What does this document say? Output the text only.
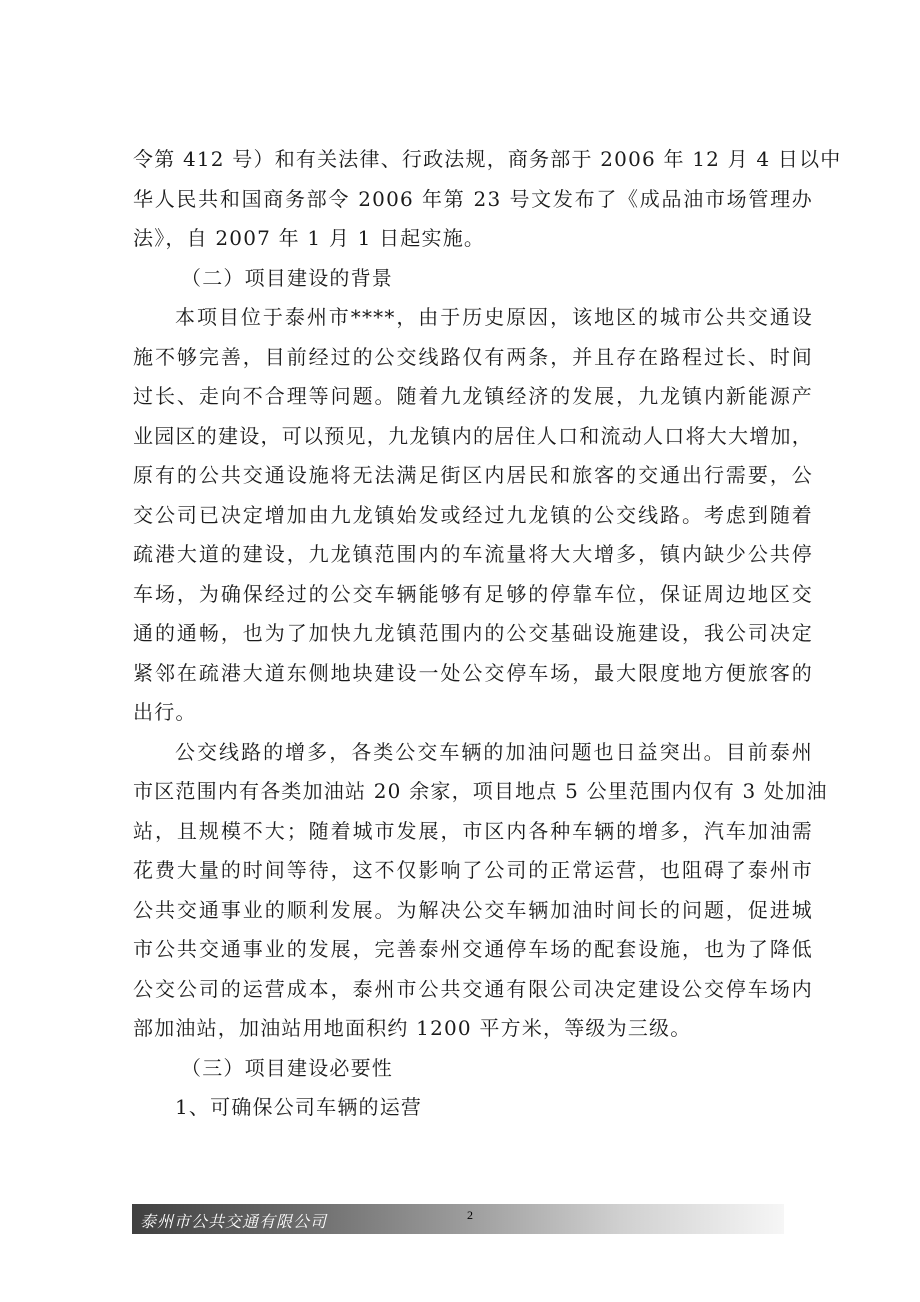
令第 412 号）和有关法律、行政法规，商务部于 2006 年 12 月 4 日以中
华人民共和国商务部令 2006 年第 23 号文发布了《成品油市场管理办
法》，自 2007 年 1 月 1 日起实施。
（二）项目建设的背景
本项目位于泰州市****，由于历史原因，该地区的城市公共交通设
施不够完善，目前经过的公交线路仅有两条，并且存在路程过长、时间
过长、走向不合理等问题。随着九龙镇经济的发展，九龙镇内新能源产
业园区的建设，可以预见，九龙镇内的居住人口和流动人口将大大增加，
原有的公共交通设施将无法满足街区内居民和旅客的交通出行需要，公
交公司已决定增加由九龙镇始发或经过九龙镇的公交线路。考虑到随着
疏港大道的建设，九龙镇范围内的车流量将大大增多，镇内缺少公共停
车场，为确保经过的公交车辆能够有足够的停靠车位，保证周边地区交
通的通畅，也为了加快九龙镇范围内的公交基础设施建设，我公司决定
紧邻在疏港大道东侧地块建设一处公交停车场，最大限度地方便旅客的
出行。
公交线路的增多，各类公交车辆的加油问题也日益突出。目前泰州
市区范围内有各类加油站 20 余家，项目地点 5 公里范围内仅有 3 处加油
站，且规模不大；随着城市发展，市区内各种车辆的增多，汽车加油需
花费大量的时间等待，这不仅影响了公司的正常运营，也阻碍了泰州市
公共交通事业的顺利发展。为解决公交车辆加油时间长的问题，促进城
市公共交通事业的发展，完善泰州交通停车场的配套设施，也为了降低
公交公司的运营成本，泰州市公共交通有限公司决定建设公交停车场内
部加油站，加油站用地面积约 1200 平方米，等级为三级。
（三）项目建设必要性
1、可确保公司车辆的运营
泰州市公共交通有限公司	2
